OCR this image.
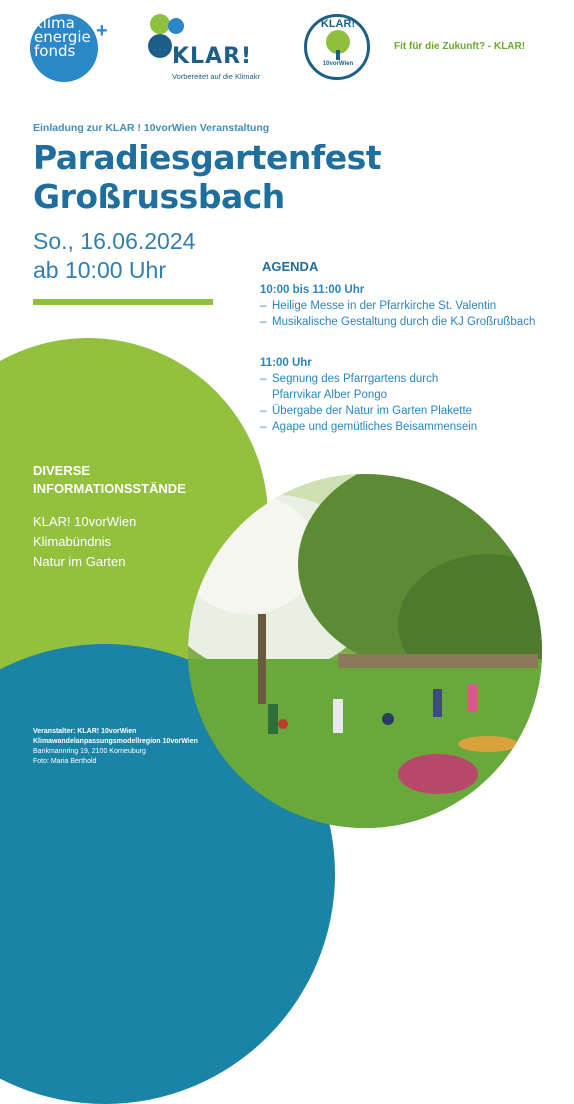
klima
energie
fonds
+
KLAR!
Vorbereitet auf die Klimakr
KLAR!
10vorWien
Fit für die Zukunft? - KLAR!
Einladung zur KLAR ! 10vorWien Veranstaltung
Paradiesgartenfest
Großrussbach
So., 16.06.2024
ab 10:00 Uhr	AGENDA
10:00 bis 11:00 Uhr
– Heilige Messe in der Pfarrkirche St. Valentin
– Musikalische Gestaltung durch die KJ Großrußbach
11:00 Uhr
– Segnung des Pfarrgartens durch Pfarrvikar Alber Pongo
– Übergabe der Natur im Garten Plakette
– Agape und gemütliches Beisammensein
DIVERSE
INFORMATIONSSTÄNDE
KLAR! 10vorWien
Klimabündnis
Natur im Garten
Veranstalter: KLAR! 10vorWien
Klimawandelanpassungsmodellregion 10vorWien
Bankmannring 19, 2100 Korneuburg
Foto: Maria Berthold
